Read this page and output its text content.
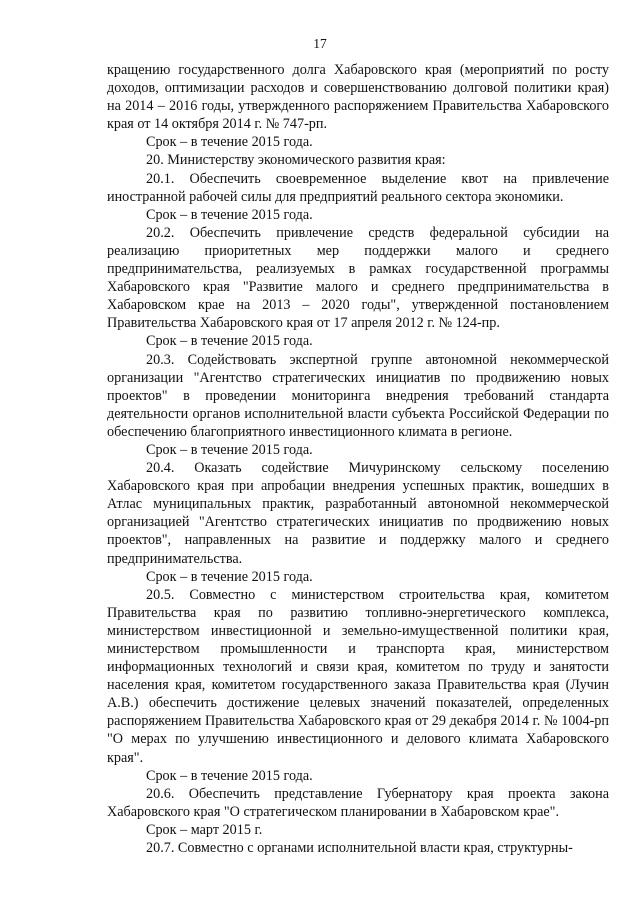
17

кращению государственного долга Хабаровского края (мероприятий по росту доходов, оптимизации расходов и совершенствованию долговой политики края) на 2014 – 2016 годы, утвержденного распоряжением Правительства Хабаровского края от 14 октября 2014 г. № 747-рп.

Срок – в течение 2015 года.

20. Министерству экономического развития края:

20.1. Обеспечить своевременное выделение квот на привлечение иностранной рабочей силы для предприятий реального сектора экономики.

Срок – в течение 2015 года.

20.2. Обеспечить привлечение средств федеральной субсидии на реализацию приоритетных мер поддержки малого и среднего предпринимательства, реализуемых в рамках государственной программы Хабаровского края "Развитие малого и среднего предпринимательства в Хабаровском крае на 2013 – 2020 годы", утвержденной постановлением Правительства Хабаровского края от 17 апреля 2012 г. № 124-пр.

Срок – в течение 2015 года.

20.3. Содействовать экспертной группе автономной некоммерческой организации "Агентство стратегических инициатив по продвижению новых проектов" в проведении мониторинга внедрения требований стандарта деятельности органов исполнительной власти субъекта Российской Федерации по обеспечению благоприятного инвестиционного климата в регионе.

Срок – в течение 2015 года.

20.4. Оказать содействие Мичуринскому сельскому поселению Хабаровского края при апробации внедрения успешных практик, вошедших в Атлас муниципальных практик, разработанный автономной некоммерческой организацией "Агентство стратегических инициатив по продвижению новых проектов", направленных на развитие и поддержку малого и среднего предпринимательства.

Срок – в течение 2015 года.

20.5. Совместно с министерством строительства края, комитетом Правительства края по развитию топливно-энергетического комплекса, министерством инвестиционной и земельно-имущественной политики края, министерством промышленности и транспорта края, министерством информационных технологий и связи края, комитетом по труду и занятости населения края, комитетом государственного заказа Правительства края (Лучин А.В.) обеспечить достижение целевых значений показателей, определенных распоряжением Правительства Хабаровского края от 29 декабря 2014 г. № 1004-рп "О мерах по улучшению инвестиционного и делового климата Хабаровского края".

Срок – в течение 2015 года.

20.6. Обеспечить представление Губернатору края проекта закона Хабаровского края "О стратегическом планировании в Хабаровском крае".

Срок – март 2015 г.

20.7. Совместно с органами исполнительной власти края, структурны-
